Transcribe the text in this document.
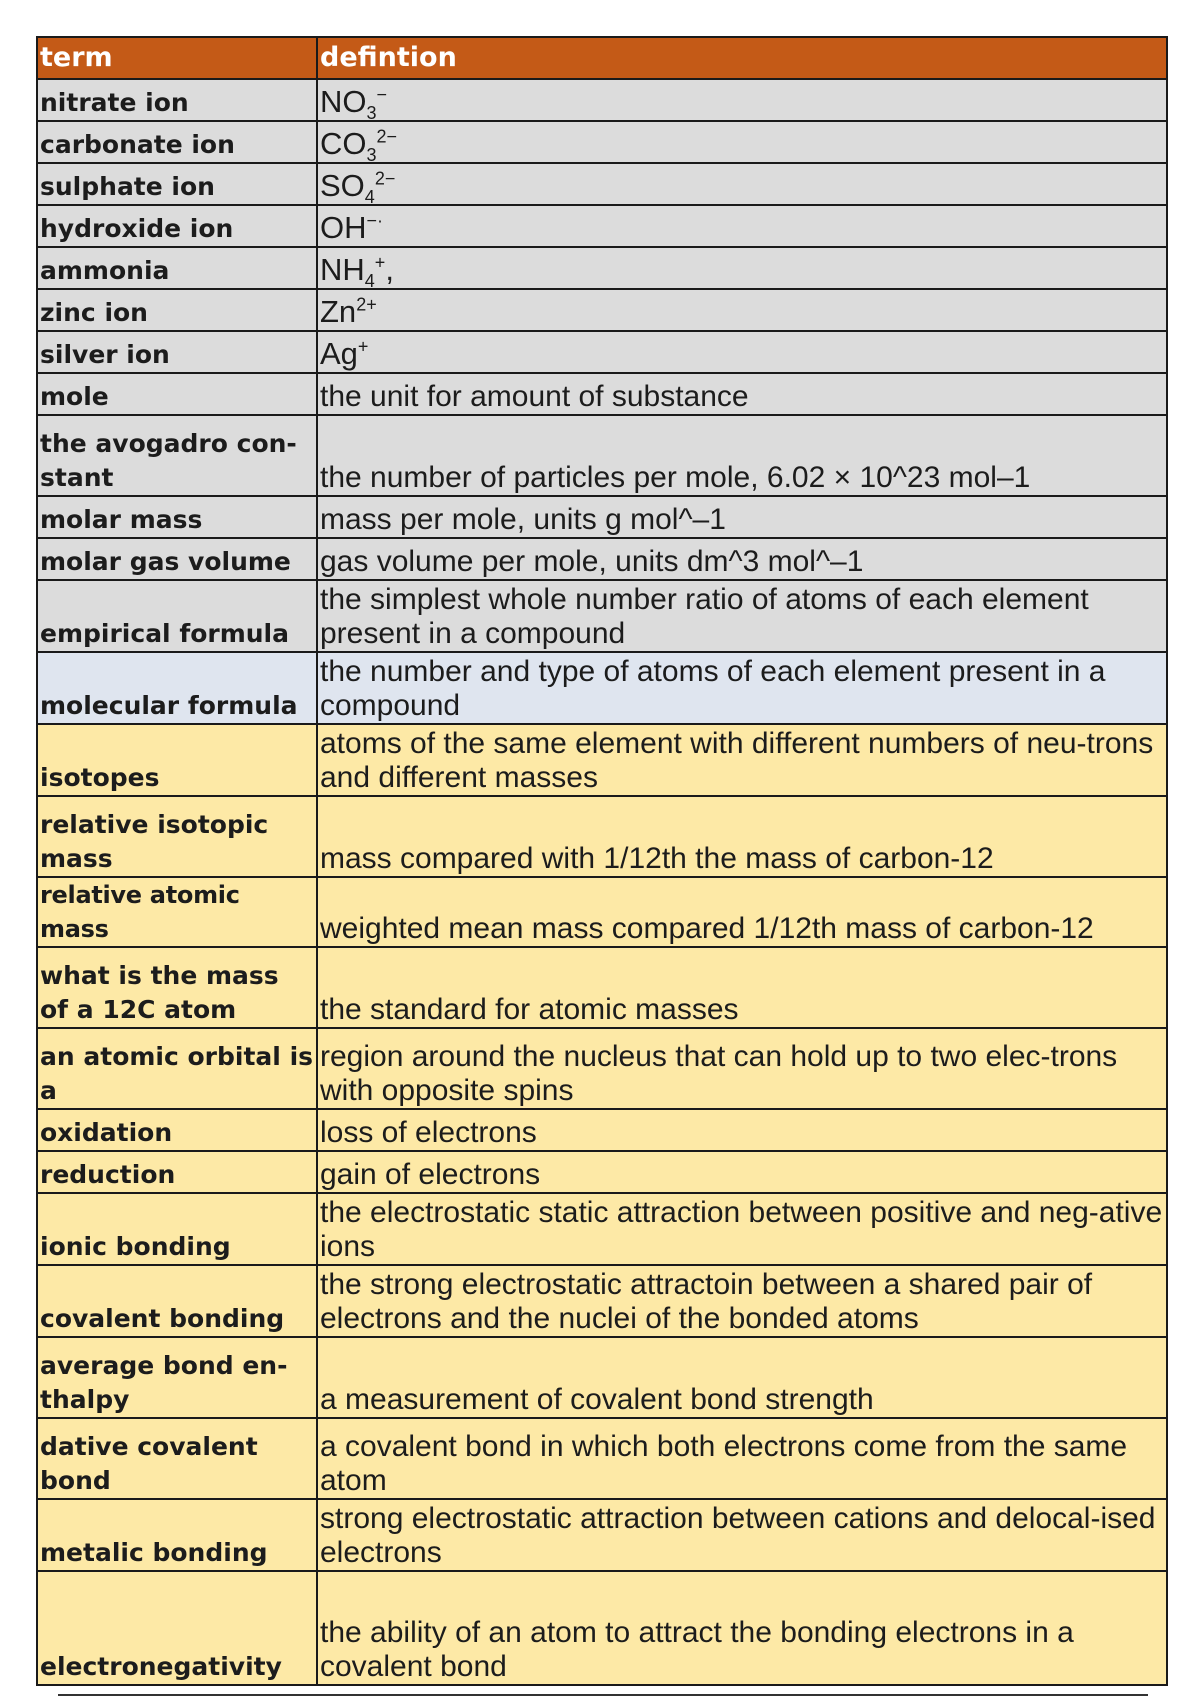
term	defintion
nitrate ion	$NO_3^-$
carbonate ion	$CO_3^{2-}$
sulphate ion	$SO_4^{2-}$
hydroxide ion	OH−·
ammonia	$NH_4^+$,
zinc ion	$Zn^{2+}$
silver ion	Ag+
mole	the unit for amount of substance
the avogadro con-stant	the number of particles per mole, 6.02 × 10^23 mol–1
molar mass	mass per mole, units g mol^–1
molar gas volume	gas volume per mole, units dm^3 mol^–1
empirical formula	the simplest whole number ratio of atoms of each element present in a compound
molecular formula	the number and type of atoms of each element present in a compound
isotopes	atoms of the same element with different numbers of neu-trons and different masses
relative isotopic mass	mass compared with 1/12th the mass of carbon-12
relative atomic mass	weighted mean mass compared 1/12th mass of carbon-12
what is the mass of a 12C atom	the standard for atomic masses
an atomic orbital is a	region around the nucleus that can hold up to two elec-trons with opposite spins
oxidation	loss of electrons
reduction	gain of electrons
ionic bonding	the electrostatic static attraction between positive and neg-ative ions
covalent bonding	the strong electrostatic attractoin between a shared pair of electrons and the nuclei of the bonded atoms
average bond en-thalpy	a measurement of covalent bond strength
dative covalent bond	a covalent bond in which both electrons come from the same atom
metalic bonding	strong electrostatic attraction between cations and delocal-ised electrons
electronegativity	the ability of an atom to attract the bonding electrons in a covalent bond
